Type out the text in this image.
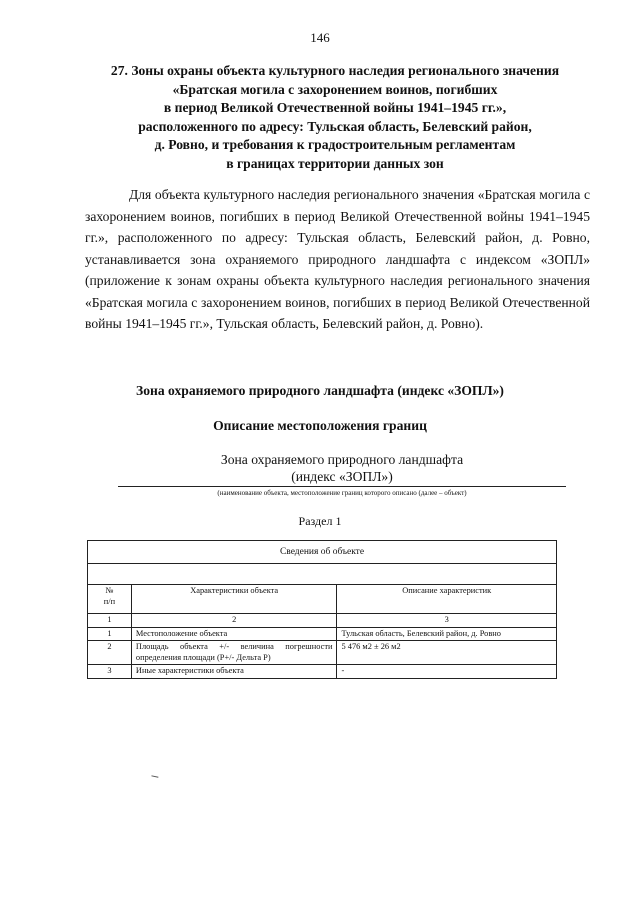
146
27. Зоны охраны объекта культурного наследия регионального значения
«Братская могила с захоронением воинов, погибших
в период Великой Отечественной войны 1941–1945 гг.»,
расположенного по адресу: Тульская область, Белевский район,
д. Ровно, и требования к градостроительным регламентам
в границах территории данных зон
Для объекта культурного наследия регионального значения «Братская могила с захоронением воинов, погибших в период Великой Отечественной войны 1941–1945 гг.», расположенного по адресу: Тульская область, Белевский район, д. Ровно, устанавливается зона охраняемого природного ландшафта с индексом «ЗОПЛ» (приложение к зонам охраны объекта культурного наследия регионального значения «Братская могила с захоронением воинов, погибших в период Великой Отечественной войны 1941–1945 гг.», Тульская область, Белевский район, д. Ровно).
Зона охраняемого природного ландшафта (индекс «ЗОПЛ»)
Описание местоположения границ
Зона охраняемого природного ландшафта
(индекс «ЗОПЛ»)
(наименование объекта, местоположение границ которого описано (далее – объект)
Раздел 1
Сведения об объекте		

№
п/п	Характеристики объекта	Описание характеристик
1	2	3
1	Местоположение объекта	Тульская область, Белевский район, д. Ровно
2	Площадь объекта +/- величина погрешности определения площади (P+/- Дельта P)	5 476 м2 ± 26 м2
3	Иные характеристики объекта	-
